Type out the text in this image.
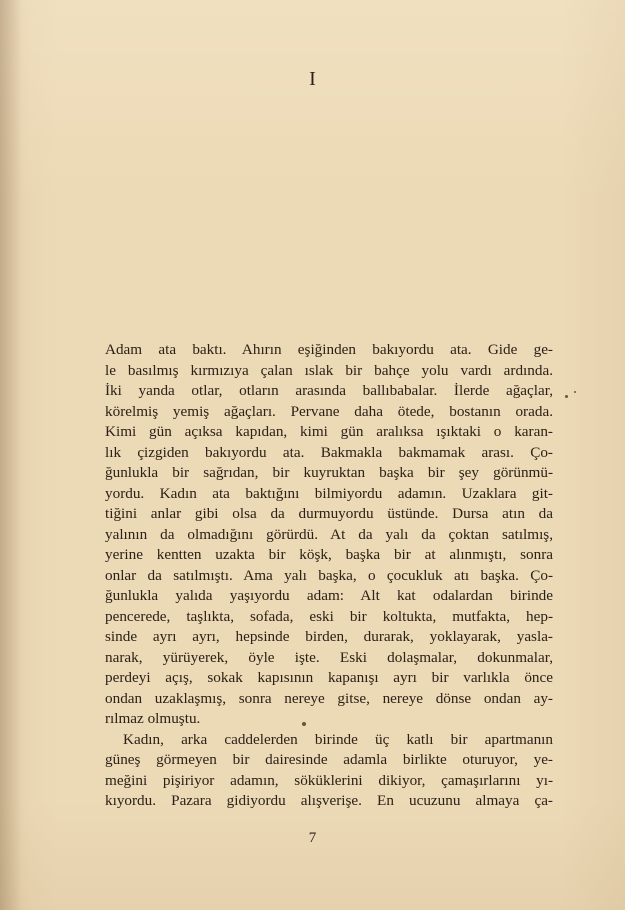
I
Adam ata baktı. Ahırın eşiğinden bakıyordu ata. Gide ge-
le basılmış kırmızıya çalan ıslak bir bahçe yolu vardı ardında.
İki yanda otlar, otların arasında ballıbabalar. İlerde ağaçlar,
körelmiş yemiş ağaçları. Pervane daha ötede, bostanın orada.
Kimi gün açıksa kapıdan, kimi gün aralıksa ışıktaki o karan-
lık çizgiden bakıyordu ata. Bakmakla bakmamak arası. Ço-
ğunlukla bir sağrıdan, bir kuyruktan başka bir şey görünmü-
yordu. Kadın ata baktığını bilmiyordu adamın. Uzaklara git-
tiğini anlar gibi olsa da durmuyordu üstünde. Dursa atın da
yalının da olmadığını görürdü. At da yalı da çoktan satılmış,
yerine kentten uzakta bir köşk, başka bir at alınmıştı, sonra
onlar da satılmıştı. Ama yalı başka, o çocukluk atı başka. Ço-
ğunlukla yalıda yaşıyordu adam: Alt kat odalardan birinde
pencerede, taşlıkta, sofada, eski bir koltukta, mutfakta, hep-
sinde ayrı ayrı, hepsinde birden, durarak, yoklayarak, yasla-
narak, yürüyerek, öyle işte. Eski dolaşmalar, dokunmalar,
perdeyi açış, sokak kapısının kapanışı ayrı bir varlıkla önce
ondan uzaklaşmış, sonra nereye gitse, nereye dönse ondan ay-
rılmaz olmuştu.
Kadın, arka caddelerden birinde üç katlı bir apartmanın
güneş görmeyen bir dairesinde adamla birlikte oturuyor, ye-
meğini pişiriyor adamın, söküklerini dikiyor, çamaşırlarını yı-
kıyordu. Pazara gidiyordu alışverişe. En ucuzunu almaya ça-
7
